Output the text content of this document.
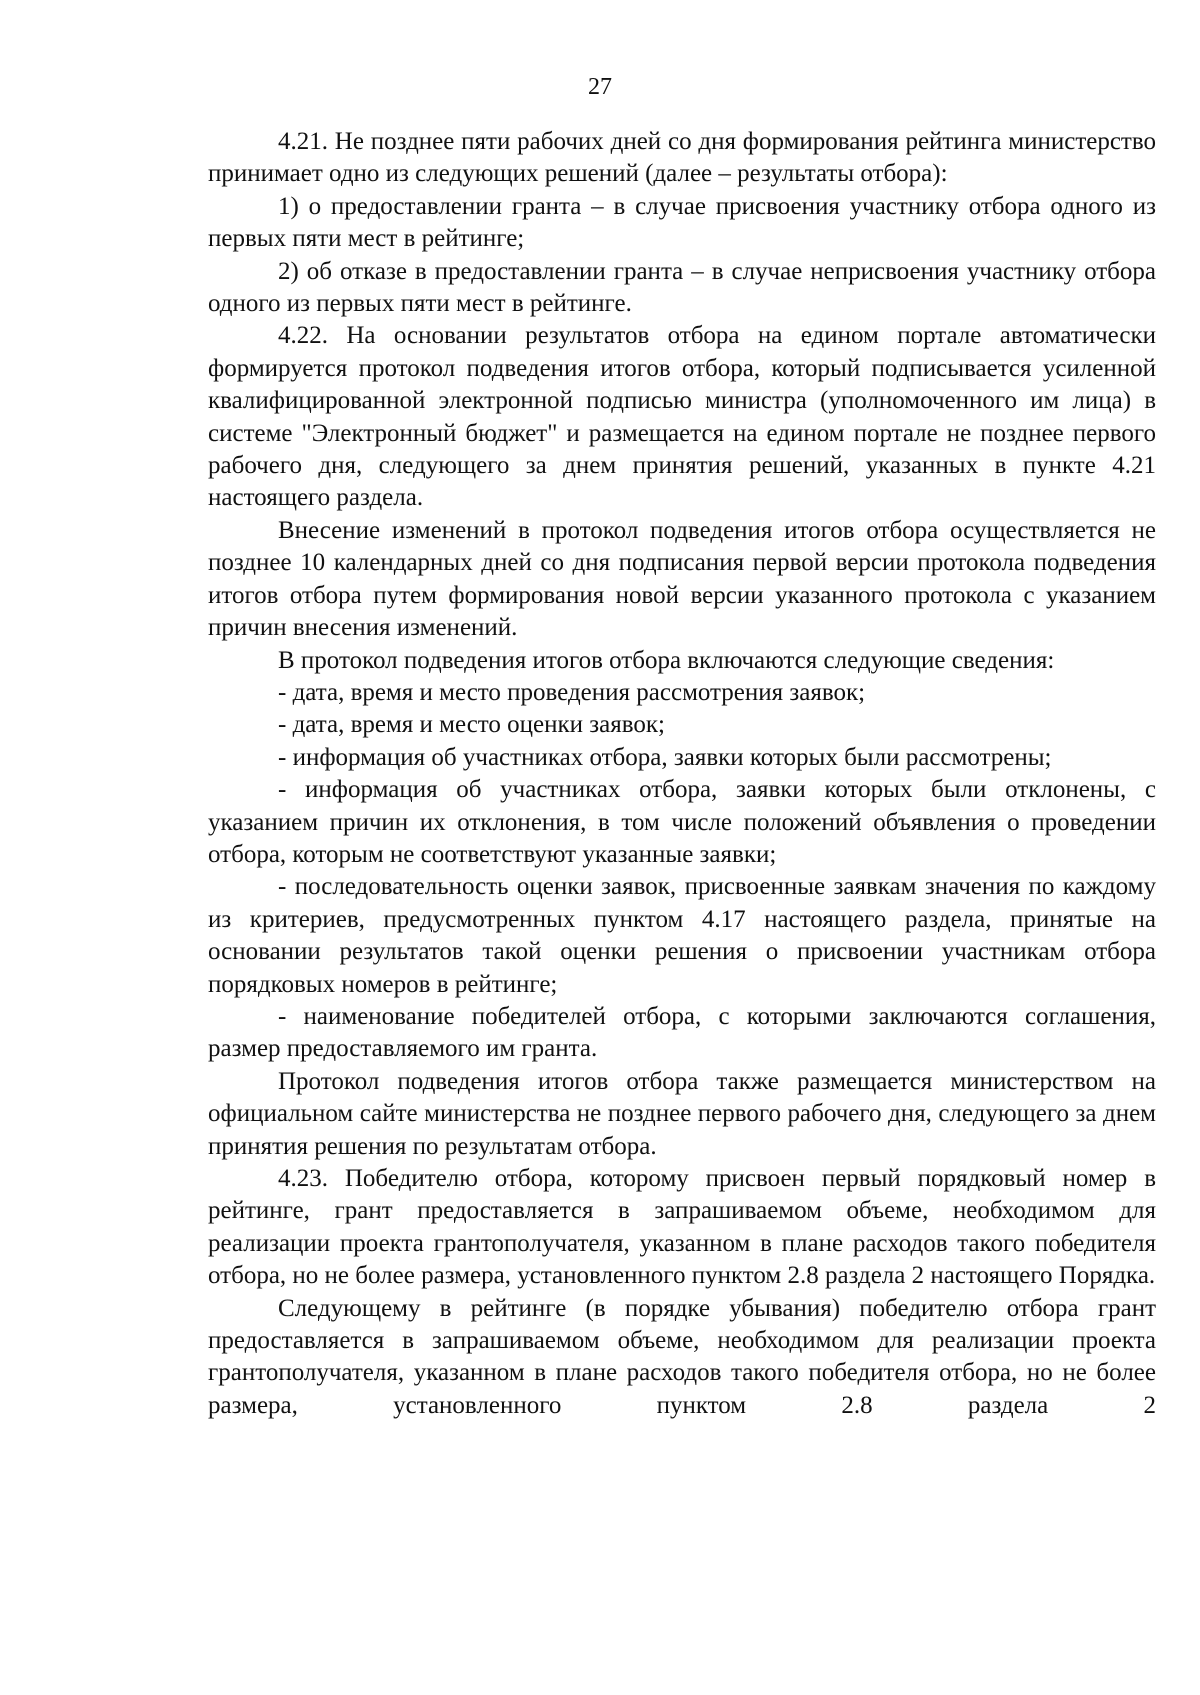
27

4.21. Не позднее пяти рабочих дней со дня формирования рейтинга министерство принимает одно из следующих решений (далее – результаты отбора):

1) о предоставлении гранта – в случае присвоения участнику отбора одного из первых пяти мест в рейтинге;

2) об отказе в предоставлении гранта – в случае неприсвоения участнику отбора одного из первых пяти мест в рейтинге.

4.22. На основании результатов отбора на едином портале автоматически формируется протокол подведения итогов отбора, который подписывается усиленной квалифицированной электронной подписью министра (уполномоченного им лица) в системе "Электронный бюджет" и размещается на едином портале не позднее первого рабочего дня, следующего за днем принятия решений, указанных в пункте 4.21 настоящего раздела.

Внесение изменений в протокол подведения итогов отбора осуществляется не позднее 10 календарных дней со дня подписания первой версии протокола подведения итогов отбора путем формирования новой версии указанного протокола с указанием причин внесения изменений.

В протокол подведения итогов отбора включаются следующие сведения:

- дата, время и место проведения рассмотрения заявок;

- дата, время и место оценки заявок;

- информация об участниках отбора, заявки которых были рассмотрены;

- информация об участниках отбора, заявки которых были отклонены, с указанием причин их отклонения, в том числе положений объявления о проведении отбора, которым не соответствуют указанные заявки;

- последовательность оценки заявок, присвоенные заявкам значения по каждому из критериев, предусмотренных пунктом 4.17 настоящего раздела, принятые на основании результатов такой оценки решения о присвоении участникам отбора порядковых номеров в рейтинге;

- наименование победителей отбора, с которыми заключаются соглашения, размер предоставляемого им гранта.

Протокол подведения итогов отбора также размещается министерством на официальном сайте министерства не позднее первого рабочего дня, следующего за днем принятия решения по результатам отбора.

4.23. Победителю отбора, которому присвоен первый порядковый номер в рейтинге, грант предоставляется в запрашиваемом объеме, необходимом для реализации проекта грантополучателя, указанном в плане расходов такого победителя отбора, но не более размера, установленного пунктом 2.8 раздела 2 настоящего Порядка.

Следующему в рейтинге (в порядке убывания) победителю отбора грант предоставляется в запрашиваемом объеме, необходимом для реализации проекта грантополучателя, указанном в плане расходов такого победителя отбора, но не более размера, установленного пунктом 2.8 раздела 2
